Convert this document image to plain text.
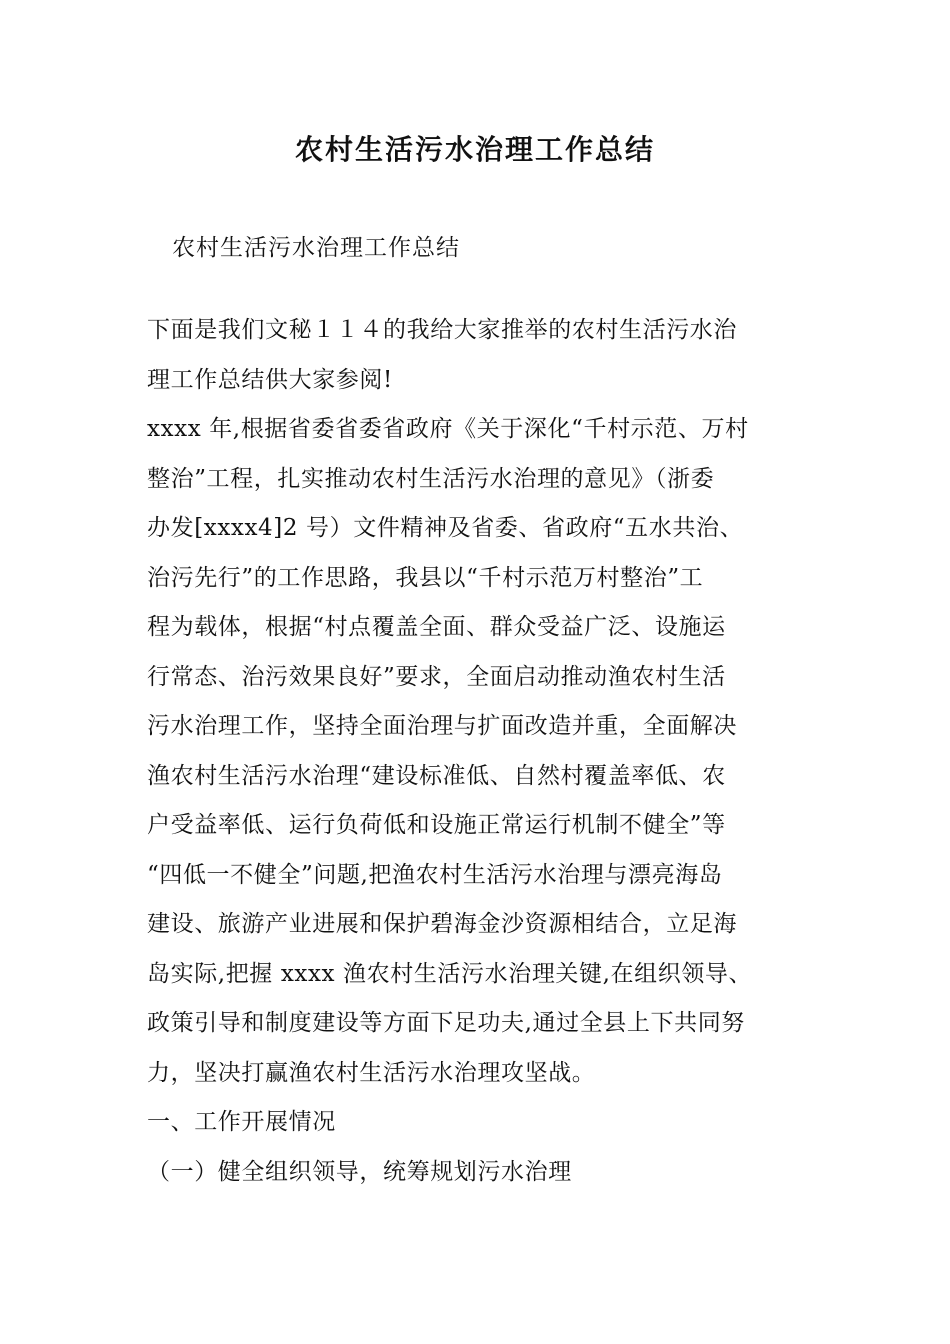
农村生活污水治理工作总结
农村生活污水治理工作总结
下面是我们文秘１１４的我给大家推举的农村生活污水治
理工作总结供大家参阅!
xxxx 年,根据省委省委省政府《关于深化“千村示范、万村
整治”工程，扎实推动农村生活污水治理的意见》（浙委
办发[xxxx4]2 号）文件精神及省委、省政府“五水共治、
治污先行”的工作思路，我县以“千村示范万村整治”工
程为载体，根据“村点覆盖全面、群众受益广泛、设施运
行常态、治污效果良好”要求，全面启动推动渔农村生活
污水治理工作，坚持全面治理与扩面改造并重，全面解决
渔农村生活污水治理“建设标准低、自然村覆盖率低、农
户受益率低、运行负荷低和设施正常运行机制不健全”等
“四低一不健全”问题,把渔农村生活污水治理与漂亮海岛
建设、旅游产业进展和保护碧海金沙资源相结合，立足海
岛实际,把握 xxxx 渔农村生活污水治理关键,在组织领导、
政策引导和制度建设等方面下足功夫,通过全县上下共同努
力，坚决打赢渔农村生活污水治理攻坚战。
一、工作开展情况
（一）健全组织领导，统筹规划污水治理
